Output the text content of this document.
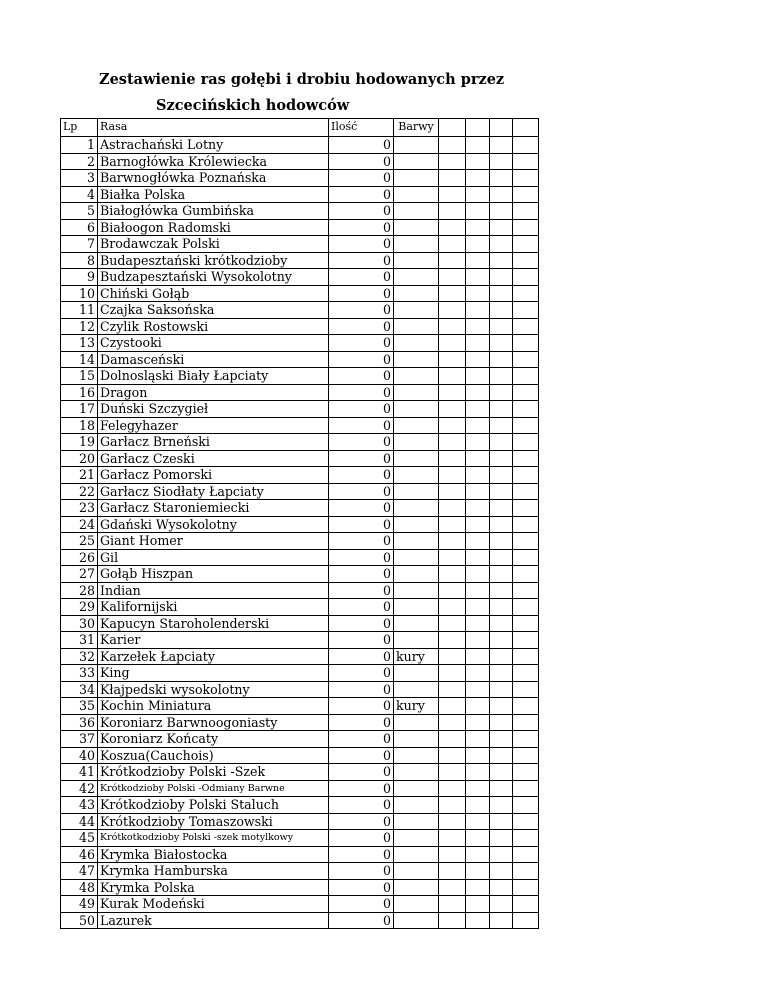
Zestawienie ras gołębi i drobiu hodowanych przez
Szcecińskich hodowców
Lp	Rasa	Ilość	Barwy				
1	Astrachański Lotny	0					
2	Barnogłówka Królewiecka	0					
3	Barwnogłówka Poznańska	0					
4	Białka Polska	0					
5	Białogłówka Gumbińska	0					
6	Białoogon Radomski	0					
7	Brodawczak Polski	0					
8	Budapesztański krótkodzioby	0					
9	Budzapesztański Wysokolotny	0					
10	Chiński Gołąb	0					
11	Czajka Saksońska	0					
12	Czylik Rostowski	0					
13	Czystooki	0					
14	Damasceński	0					
15	Dolnosląski Biały Łapciaty	0					
16	Dragon	0					
17	Duński Szczygieł	0					
18	Felegyhazer	0					
19	Garłacz Brneński	0					
20	Garłacz Czeski	0					
21	Garłacz Pomorski	0					
22	Garłacz Siodłaty Łapciaty	0					
23	Garłacz Staroniemiecki	0					
24	Gdański Wysokolotny	0					
25	Giant Homer	0					
26	Gil	0					
27	Gołąb Hiszpan	0					
28	Indian	0					
29	Kalifornijski	0					
30	Kapucyn Staroholenderski	0					
31	Karier	0					
32	Karzełek Łapciaty	0	kury				
33	King	0					
34	Kłajpedski wysokolotny	0					
35	Kochin Miniatura	0	kury				
36	Koroniarz Barwnoogoniasty	0					
37	Koroniarz Końcaty	0					
40	Koszua(Cauchois)	0					
41	Krótkodzioby Polski -Szek	0					
42	Krótkodzioby Polski -Odmiany Barwne	0					
43	Krótkodzioby Polski Staluch	0					
44	Krótkodzioby Tomaszowski	0					
45	Krótkotkodzioby Polski -szek motylkowy	0					
46	Krymka Białostocka	0					
47	Krymka Hamburska	0					
48	Krymka Polska	0					
49	Kurak Modeński	0					
50	Lazurek	0					
